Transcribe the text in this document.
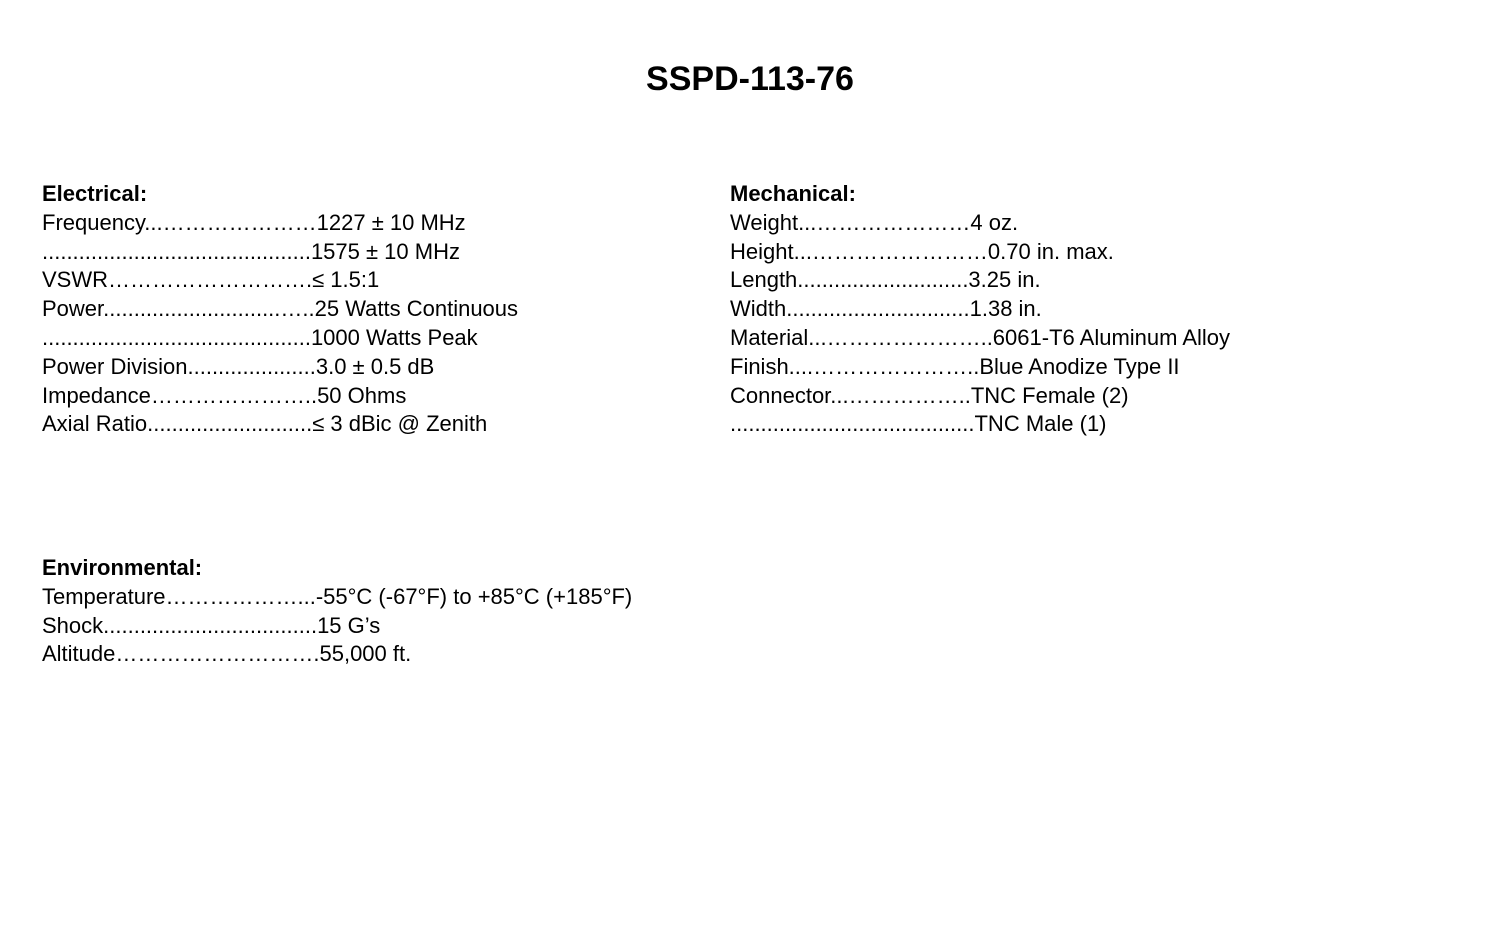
SSPD-113-76
Electrical:
Frequency...…………………1227 ± 10 MHz
............................................1575 ± 10 MHz
VSWR……………………….≤ 1.5:1
Power.............................…..25 Watts Continuous
............................................1000 Watts Peak
Power Division.....................3.0 ± 0.5 dB
Impedance…………………..50 Ohms
Axial Ratio...........................≤ 3 dBic @ Zenith
Mechanical:
Weight...…………………4 oz.
Height...……………………0.70 in. max.
Length............................3.25 in.
Width..............................1.38 in.
Material...…………………..6061-T6 Aluminum Alloy
Finish....…………………..Blue Anodize Type II
Connector...……………..TNC Female (2)
........................................TNC Male (1)
Environmental:
Temperature………………...-55°C (-67°F) to +85°C (+185°F)
Shock...................................15 G’s
Altitude……………………….55,000 ft.
